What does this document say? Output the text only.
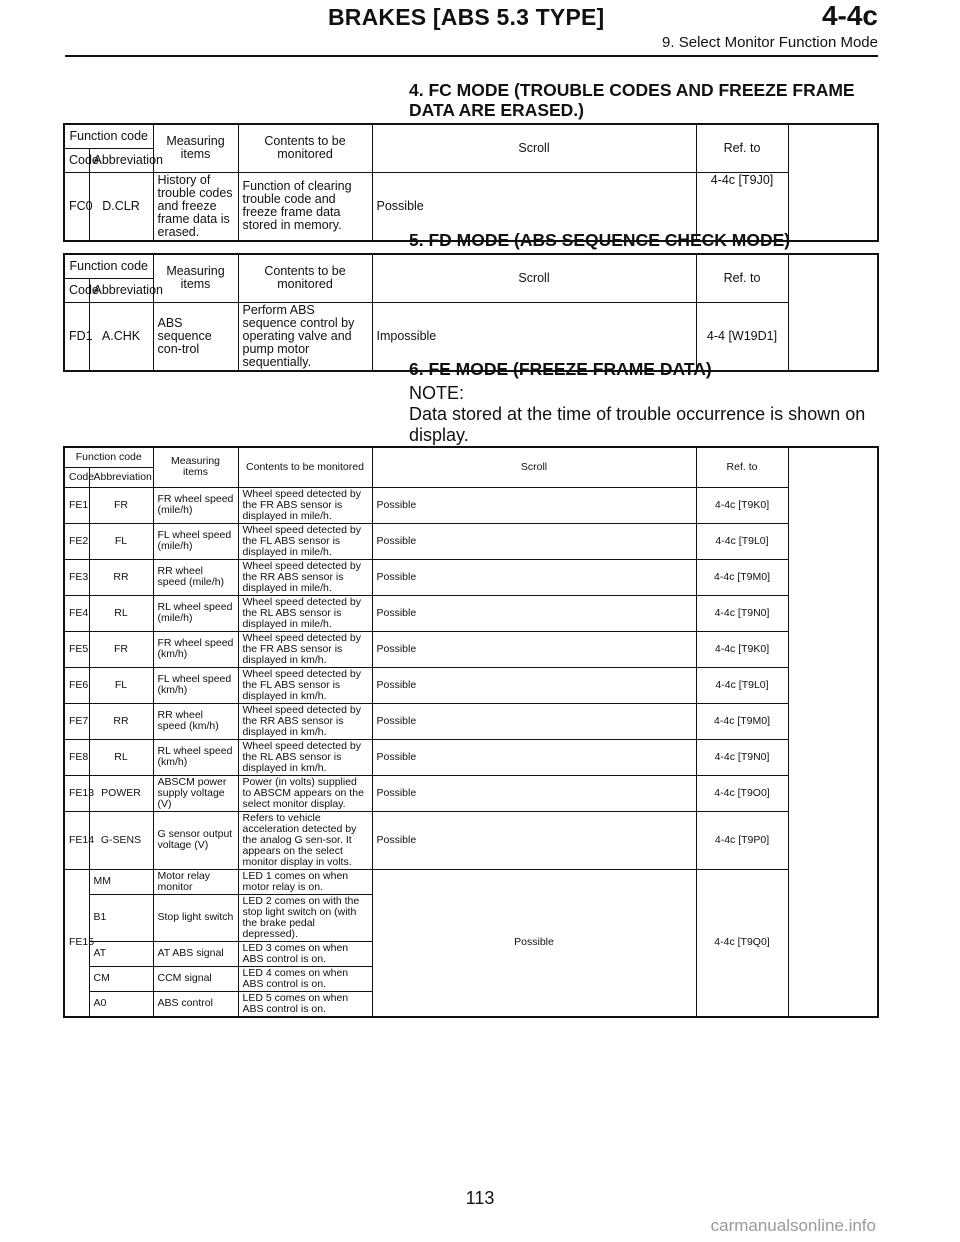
BRAKES [ABS 5.3 TYPE]	4-4c
9. Select Monitor Function Mode
4. FC MODE (TROUBLE CODES AND FREEZE FRAME DATA ARE ERASED.)
Function code		Measuring items	Contents to be monitored	Scroll	Ref. to
Code	Abbreviation				
FC0	D.CLR	History of trouble codes and freeze frame data is erased.	Function of clearing trouble code and freeze frame data stored in memory.	Possible	4-4c [T9J0]
5. FD MODE (ABS SEQUENCE CHECK MODE)
Function code		Measuring items	Contents to be monitored	Scroll	Ref. to
Code	Abbreviation				
FD1	A.CHK	ABS sequence con-trol	Perform ABS sequence control by operating valve and pump motor sequentially.	Impossible	4-4 [W19D1]
6. FE MODE (FREEZE FRAME DATA)
NOTE:
Data stored at the time of trouble occurrence is shown on display.
Function code		Measuring items	Contents to be monitored	Scroll	Ref. to
Code	Abbreviation				
FE1	FR	FR wheel speed (mile/h)	Wheel speed detected by the FR ABS sensor is displayed in mile/h.	Possible	4-4c [T9K0]
FE2	FL	FL wheel speed (mile/h)	Wheel speed detected by the FL ABS sensor is displayed in mile/h.	Possible	4-4c [T9L0]
FE3	RR	RR wheel speed (mile/h)	Wheel speed detected by the RR ABS sensor is displayed in mile/h.	Possible	4-4c [T9M0]
FE4	RL	RL wheel speed (mile/h)	Wheel speed detected by the RL ABS sensor is displayed in mile/h.	Possible	4-4c [T9N0]
FE5	FR	FR wheel speed (km/h)	Wheel speed detected by the FR ABS sensor is displayed in km/h.	Possible	4-4c [T9K0]
FE6	FL	FL wheel speed (km/h)	Wheel speed detected by the FL ABS sensor is displayed in km/h.	Possible	4-4c [T9L0]
FE7	RR	RR wheel speed (km/h)	Wheel speed detected by the RR ABS sensor is displayed in km/h.	Possible	4-4c [T9M0]
FE8	RL	RL wheel speed (km/h)	Wheel speed detected by the RL ABS sensor is displayed in km/h.	Possible	4-4c [T9N0]
FE13	POWER	ABSCM power supply voltage (V)	Power (in volts) supplied to ABSCM appears on the select monitor display.	Possible	4-4c [T9O0]
FE14	G-SENS	G sensor output voltage (V)	Refers to vehicle acceleration detected by the analog G sen-sor. It appears on the select monitor display in volts.	Possible	4-4c [T9P0]
FE15	MM	Motor relay monitor	LED 1 comes on when motor relay is on.	Possible	4-4c [T9Q0]
	B1	Stop light switch	LED 2 comes on with the stop light switch on (with the brake pedal depressed).		
	AT	AT ABS signal	LED 3 comes on when ABS control is on.		
	CM	CCM signal	LED 4 comes on when ABS control is on.		
	A0	ABS control	LED 5 comes on when ABS control is on.		
113
carmanualsonline.info
